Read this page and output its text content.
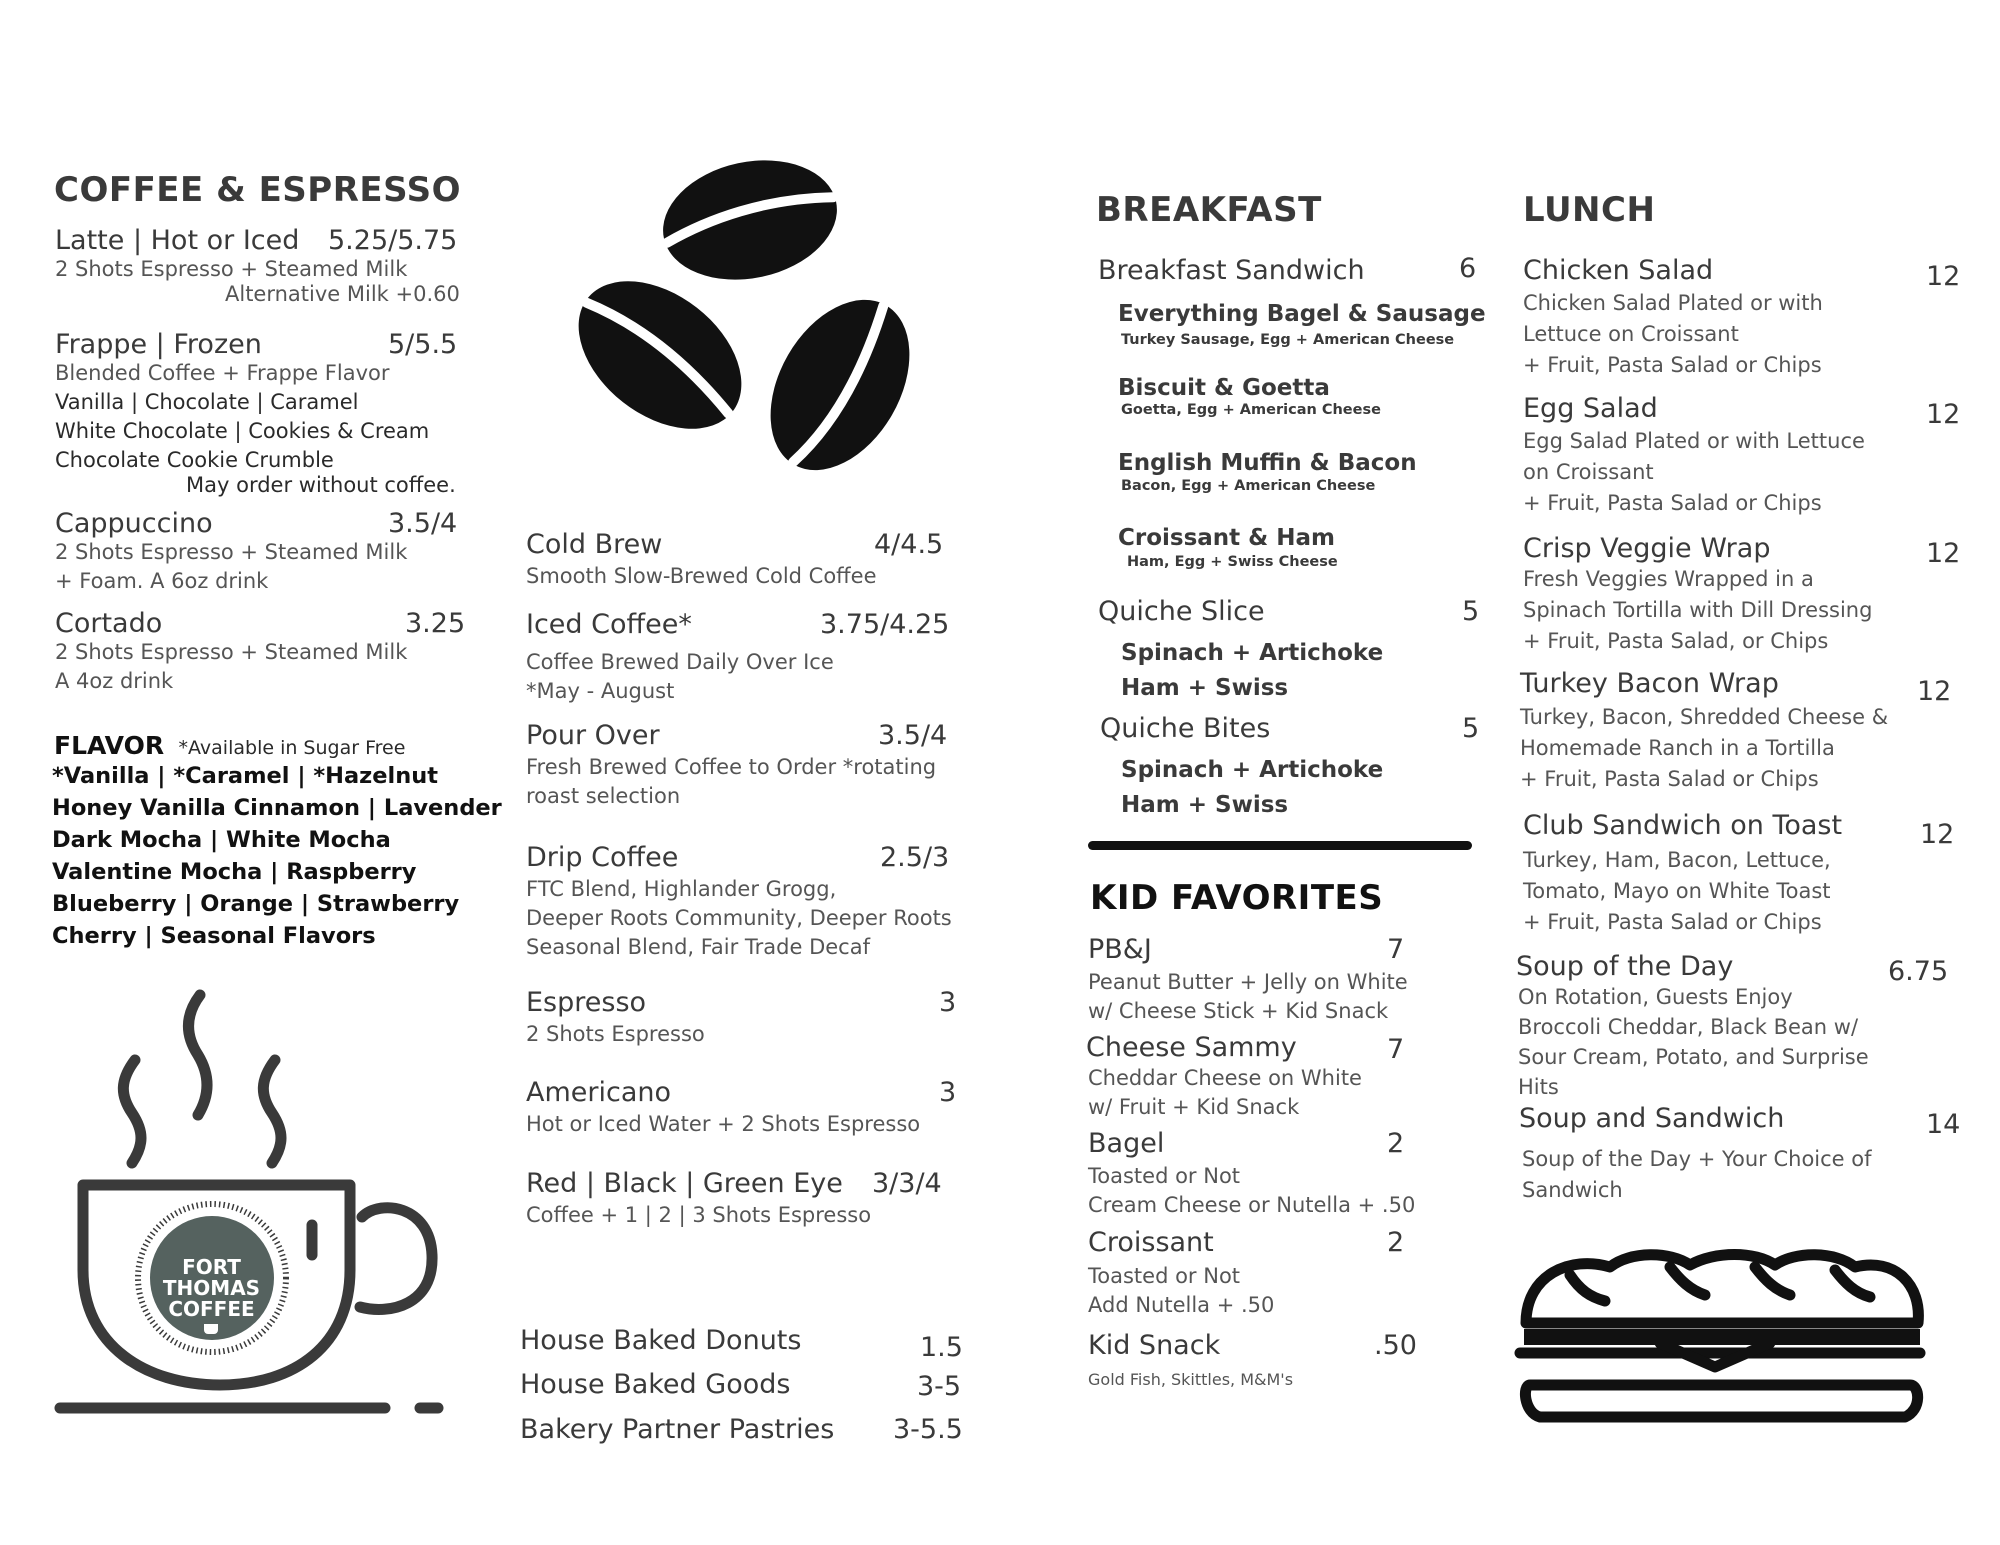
COFFEE & ESPRESSO
Latte | Hot or Iced 5.25/5.75
2 Shots Espresso + Steamed Milk
Alternative Milk +0.60
Frappe | Frozen	5/5.5
Blended Coffee + Frappe Flavor
Vanilla | Chocolate | Caramel
White Chocolate | Cookies & Cream
Chocolate Cookie Crumble
May order without coffee.
Cappuccino	3.5/4
2 Shots Espresso + Steamed Milk
+ Foam. A 6oz drink
Cortado	3.25
2 Shots Espresso + Steamed Milk
A 4oz drink
FLAVOR *Available in Sugar Free
*Vanilla | *Caramel | *Hazelnut
Honey Vanilla Cinnamon | Lavender
Dark Mocha | White Mocha
Valentine Mocha | Raspberry
Blueberry | Orange | Strawberry
Cherry | Seasonal Flavors
FORT
THOMAS
COFFEE
Cold Brew	4/4.5
Smooth Slow-Brewed Cold Coffee
Iced Coffee*	3.75/4.25
Coffee Brewed Daily Over Ice
*May - August
Pour Over	3.5/4
Fresh Brewed Coffee to Order *rotating
roast selection
Drip Coffee	2.5/3
FTC Blend, Highlander Grogg,
Deeper Roots Community, Deeper Roots
Seasonal Blend, Fair Trade Decaf
Espresso	3
2 Shots Espresso
Americano	3
Hot or Iced Water + 2 Shots Espresso
Red | Black | Green Eye 3/3/4
Coffee + 1 | 2 | 3 Shots Espresso
House Baked Donuts	1.5
House Baked Goods	3-5
Bakery Partner Pastries 3-5.5
BREAKFAST
Breakfast Sandwich	6
Everything Bagel & Sausage
Turkey Sausage, Egg + American Cheese
Biscuit & Goetta
Goetta, Egg + American Cheese
English Muffin & Bacon
Bacon, Egg + American Cheese
Croissant & Ham
Ham, Egg + Swiss Cheese
Quiche Slice	5
Spinach + Artichoke
Ham + Swiss
Quiche Bites	5
Spinach + Artichoke
Ham + Swiss
KID FAVORITES
PB&J	7
Peanut Butter + Jelly on White
w/ Cheese Stick + Kid Snack
Cheese Sammy	7
Cheddar Cheese on White
w/ Fruit + Kid Snack
Bagel	2
Toasted or Not
Cream Cheese or Nutella + .50
Croissant	2
Toasted or Not
Add Nutella + .50
Kid Snack	.50
Gold Fish, Skittles, M&M's
LUNCH
Chicken Salad	12
Chicken Salad Plated or with
Lettuce on Croissant
+ Fruit, Pasta Salad or Chips
Egg Salad	12
Egg Salad Plated or with Lettuce
on Croissant
+ Fruit, Pasta Salad or Chips
Crisp Veggie Wrap	12
Fresh Veggies Wrapped in a
Spinach Tortilla with Dill Dressing
+ Fruit, Pasta Salad, or Chips
Turkey Bacon Wrap	12
Turkey, Bacon, Shredded Cheese &
Homemade Ranch in a Tortilla
+ Fruit, Pasta Salad or Chips
Club Sandwich on Toast	12
Turkey, Ham, Bacon, Lettuce,
Tomato, Mayo on White Toast
+ Fruit, Pasta Salad or Chips
Soup of the Day	6.75
On Rotation, Guests Enjoy
Broccoli Cheddar, Black Bean w/
Sour Cream, Potato, and Surprise
Hits
Soup and Sandwich	14
Soup of the Day + Your Choice of
Sandwich
